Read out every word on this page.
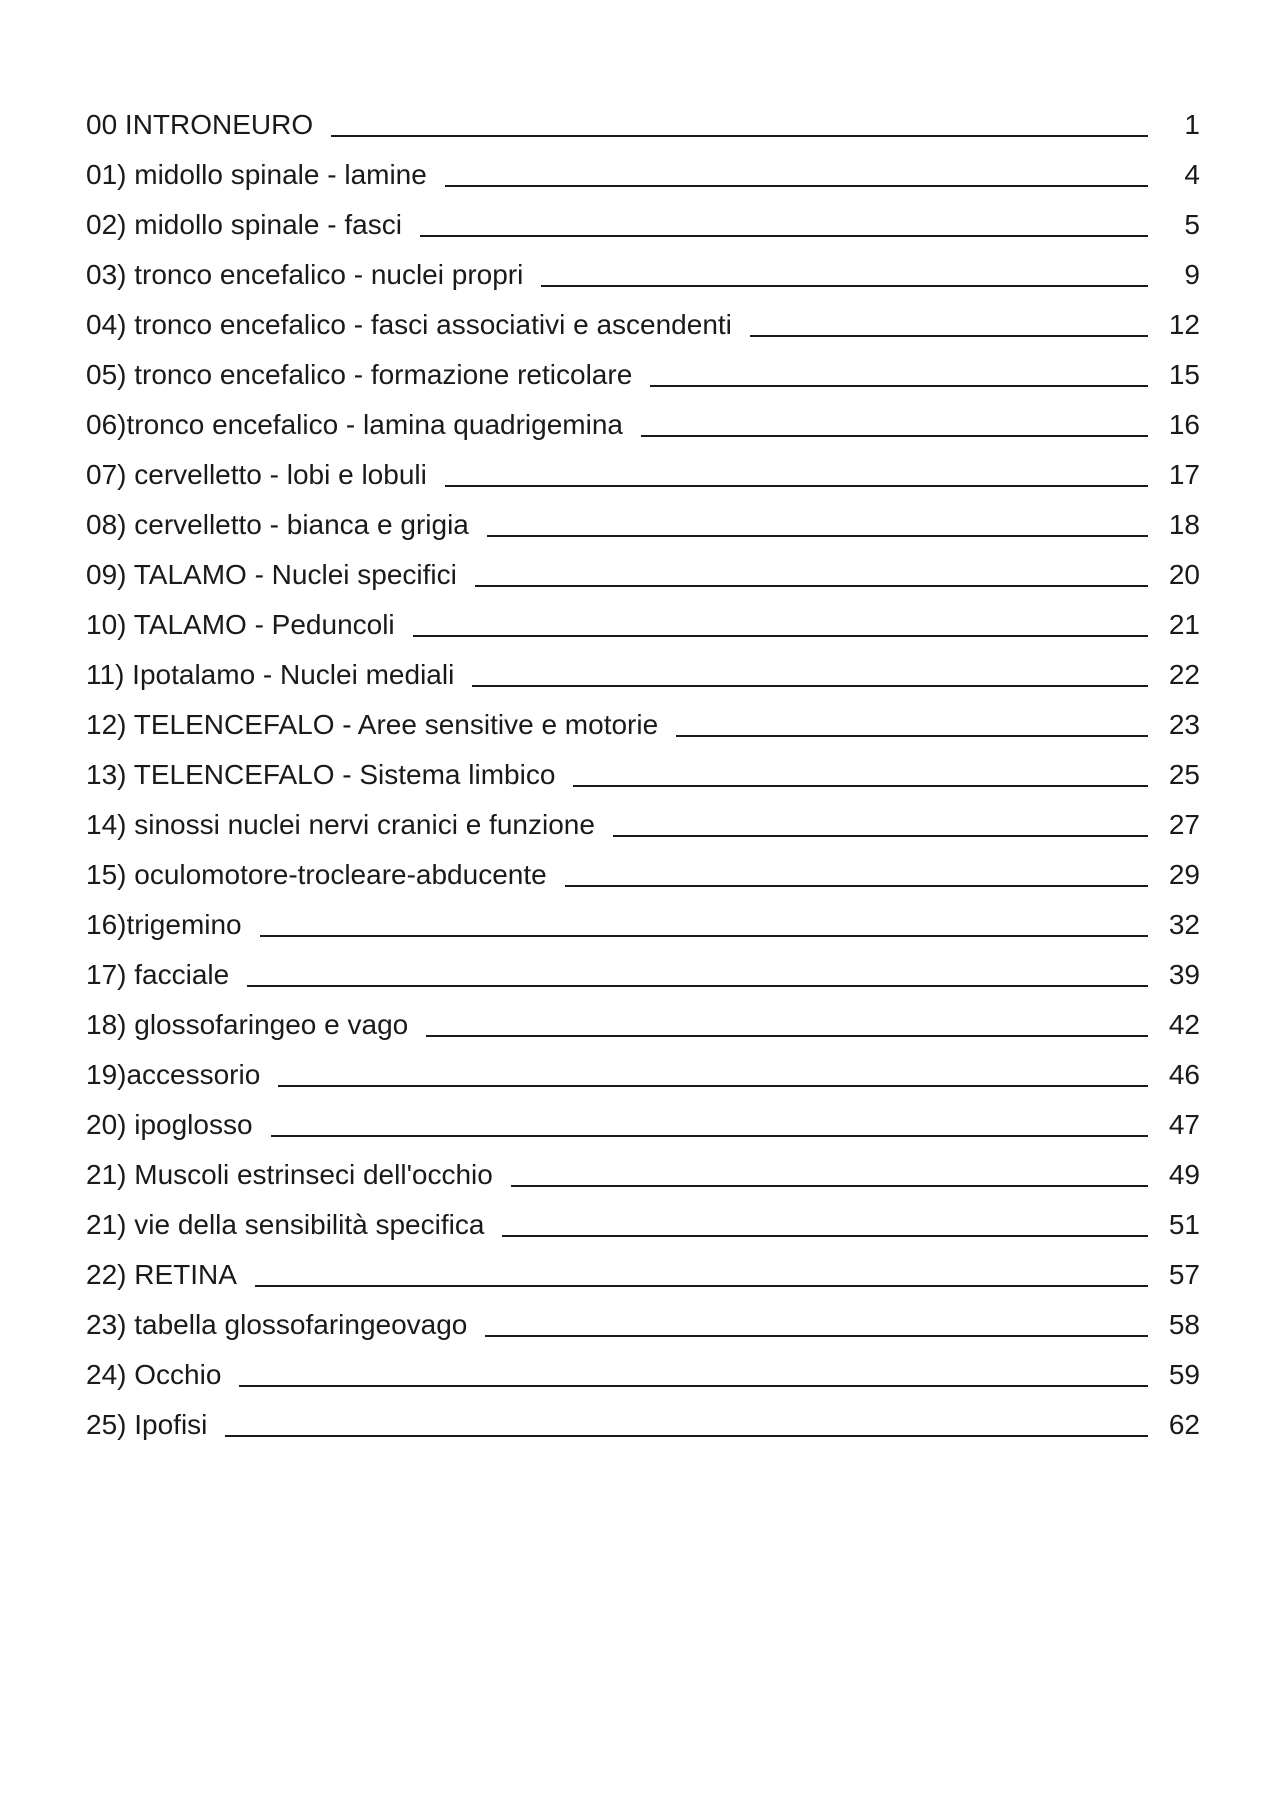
00 INTRONEURO	1
01) midollo spinale - lamine	4
02) midollo spinale - fasci	5
03) tronco encefalico - nuclei propri	9
04) tronco encefalico - fasci associativi e ascendenti	12
05) tronco encefalico - formazione reticolare	15
06)tronco encefalico - lamina quadrigemina	16
07) cervelletto - lobi e lobuli	17
08) cervelletto - bianca e grigia	18
09) TALAMO - Nuclei specifici	20
10) TALAMO - Peduncoli	21
11) Ipotalamo - Nuclei mediali	22
12) TELENCEFALO - Aree sensitive e motorie	23
13) TELENCEFALO - Sistema limbico	25
14) sinossi nuclei nervi cranici e funzione	27
15) oculomotore-trocleare-abducente	29
16)trigemino	32
17) facciale	39
18) glossofaringeo e vago	42
19)accessorio	46
20) ipoglosso	47
21) Muscoli estrinseci dell'occhio	49
21) vie della sensibilità specifica	51
22) RETINA	57
23) tabella glossofaringeovago	58
24) Occhio	59
25) Ipofisi	62
